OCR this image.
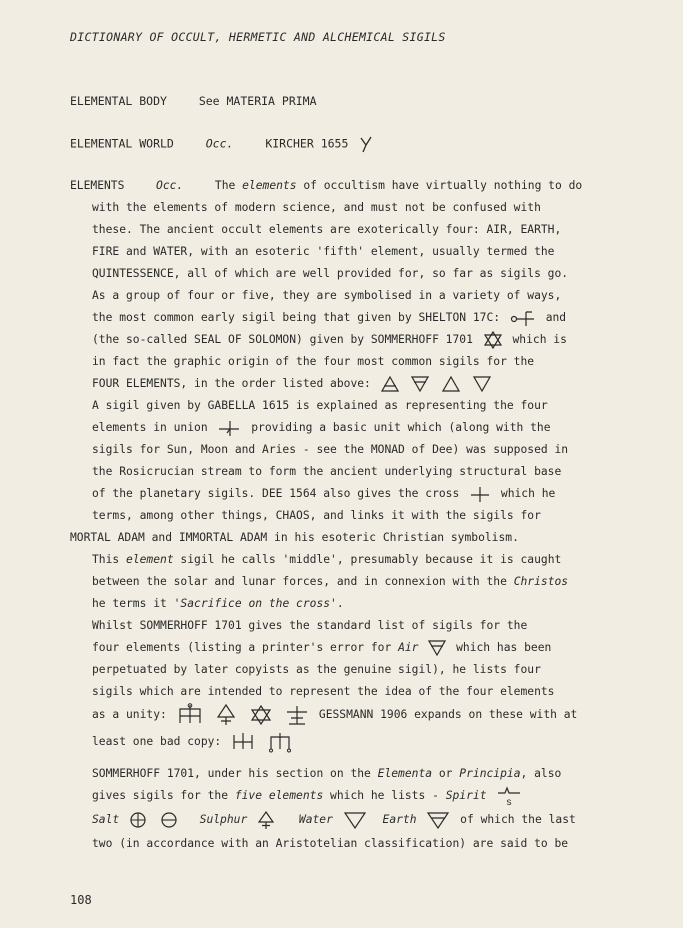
DICTIONARY OF OCCULT, HERMETIC AND ALCHEMICAL SIGILS
ELEMENTAL BODY	See MATERIA PRIMA
ELEMENTAL WORLD	Occ.	KIRCHER 1655
ELEMENTS	Occ.	The elements of occultism have virtually nothing to do
with the elements of modern science, and must not be confused with
these. The ancient occult elements are exoterically four: AIR, EARTH,
FIRE and WATER, with an esoteric 'fifth' element, usually termed the
QUINTESSENCE, all of which are well provided for, so far as sigils go.
As a group of four or five, they are symbolised in a variety of ways,
the most common early sigil being that given by SHELTON 17C:	and
(the so-called SEAL OF SOLOMON) given by SOMMERHOFF 1701	which is
in fact the graphic origin of the four most common sigils for the
FOUR ELEMENTS, in the order listed above:

A sigil given by GABELLA 1615 is explained as representing the four
elements in union	providing a basic unit which (along with the
sigils for Sun, Moon and Aries - see the MONAD of Dee) was supposed in
the Rosicrucian stream to form the ancient underlying structural base
of the planetary sigils. DEE 1564 also gives the cross	which he
terms, among other things, CHAOS, and links it with the sigils for
MORTAL ADAM and IMMORTAL ADAM in his esoteric Christian symbolism.
This element sigil he calls 'middle', presumably because it is caught
between the solar and lunar forces, and in connexion with the Christos
he terms it 'Sacrifice on the cross'.
Whilst SOMMERHOFF 1701 gives the standard list of sigils for the
four elements (listing a printer's error for Air	which has been
perpetuated by later copyists as the genuine sigil), he lists four
sigils which are intended to represent the idea of the four elements
as a unity:

	GESSMANN 1906 expands on these with at
least one bad copy:

SOMMERHOFF 1701, under his section on the Elementa or Principia, also
gives sigils for the five elements which he lists - Spirit
s
Salt
	Sulphur	Water	Earth	of which the last
two (in accordance with an Aristotelian classification) are said to be
108
